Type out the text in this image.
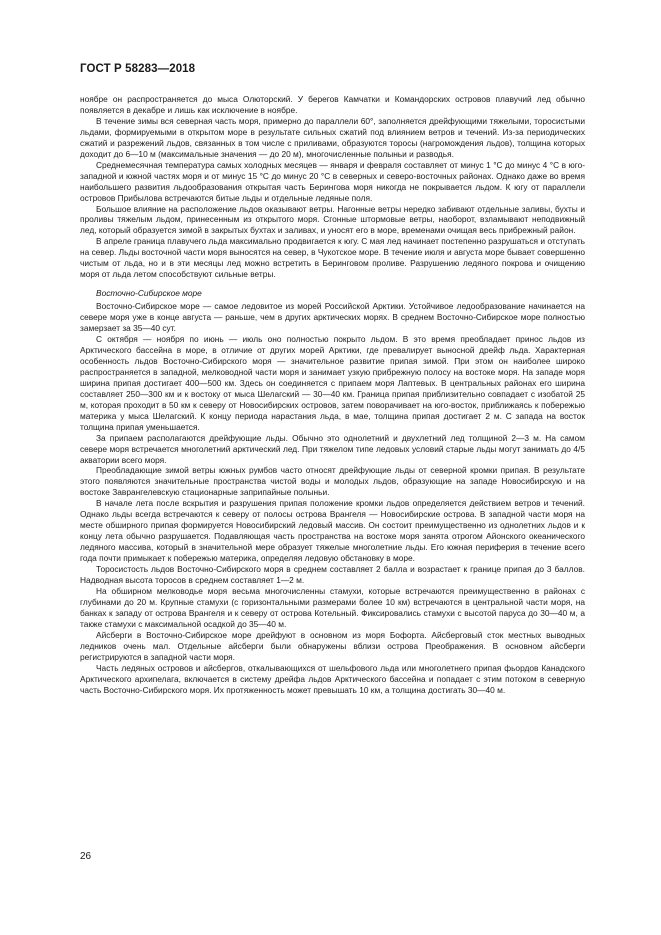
ГОСТ Р 58283—2018

ноябре он распространяется до мыса Олюторский. У берегов Камчатки и Командорских островов плавучий лед обычно появляется в декабре и лишь как исключение в ноябре.

В течение зимы вся северная часть моря, примерно до параллели 60°, заполняется дрейфующими тяжелыми, торосистыми льдами, формируемыми в открытом море в результате сильных сжатий под влиянием ветров и течений. Из-за периодических сжатий и разрежений льдов, связанных в том числе с приливами, образуются торосы (нагромождения льдов), толщина которых доходит до 6—10 м (максимальные значения — до 20 м), многочисленные полыньи и разводья.

Среднемесячная температура самых холодных месяцев — января и февраля составляет от минус 1 °С до минус 4 °С в юго-западной и южной частях моря и от минус 15 °С до минус 20 °С в северных и северо-восточных районах. Однако даже во время наибольшего развития льдообразования открытая часть Берингова моря никогда не покрывается льдом. К югу от параллели островов Прибылова встречаются битые льды и отдельные ледяные поля.

Большое влияние на расположение льдов оказывают ветры. Нагонные ветры нередко забивают отдельные заливы, бухты и проливы тяжелым льдом, принесенным из открытого моря. Сгонные штормовые ветры, наоборот, взламывают неподвижный лед, который образуется зимой в закрытых бухтах и заливах, и уносят его в море, временами очищая весь прибрежный район.

В апреле граница плавучего льда максимально продвигается к югу. С мая лед начинает постепенно разрушаться и отступать на север. Льды восточной части моря выносятся на север, в Чукотское море. В течение июля и августа море бывает совершенно чистым от льда, но и в эти месяцы лед можно встретить в Беринговом проливе. Разрушению ледяного покрова и очищению моря от льда летом способствуют сильные ветры.

Восточно-Сибирское море

Восточно-Сибирское море — самое ледовитое из морей Российской Арктики. Устойчивое ледообразование начинается на севере моря уже в конце августа — раньше, чем в других арктических морях. В среднем Восточно-Сибирское море полностью замерзает за 35—40 сут.

С октября — ноября по июнь — июль оно полностью покрыто льдом. В это время преобладает принос льдов из Арктического бассейна в море, в отличие от других морей Арктики, где превалирует выносной дрейф льда. Характерная особенность льдов Восточно-Сибирского моря — значительное развитие припая зимой. При этом он наиболее широко распространяется в западной, мелководной части моря и занимает узкую прибрежную полосу на востоке моря. На западе моря ширина припая достигает 400—500 км. Здесь он соединяется с припаем моря Лаптевых. В центральных районах его ширина составляет 250—300 км и к востоку от мыса Шелагский — 30—40 км. Граница припая приблизительно совпадает с изобатой 25 м, которая проходит в 50 км к северу от Новосибирских островов, затем поворачивает на юго-восток, приближаясь к побережью материка у мыса Шелагский. К концу периода нарастания льда, в мае, толщина припая достигает 2 м. С запада на восток толщина припая уменьшается.

За припаем располагаются дрейфующие льды. Обычно это однолетний и двухлетний лед толщиной 2—3 м. На самом севере моря встречается многолетний арктический лед. При тяжелом типе ледовых условий старые льды могут занимать до 4/5 акватории всего моря.

Преобладающие зимой ветры южных румбов часто относят дрейфующие льды от северной кромки припая. В результате этого появляются значительные пространства чистой воды и молодых льдов, образующие на западе Новосибирскую и на востоке Заврангелевскую стационарные заприпайные полыньи.

В начале лета после вскрытия и разрушения припая положение кромки льдов определяется действием ветров и течений. Однако льды всегда встречаются к северу от полосы острова Врангеля — Новосибирские острова. В западной части моря на месте обширного припая формируется Новосибирский ледовый массив. Он состоит преимущественно из однолетних льдов и к концу лета обычно разрушается. Подавляющая часть пространства на востоке моря занята отрогом Айонского океанического ледяного массива, который в значительной мере образует тяжелые многолетние льды. Его южная периферия в течение всего года почти примыкает к побережью материка, определяя ледовую обстановку в море.

Торосистость льдов Восточно-Сибирского моря в среднем составляет 2 балла и возрастает к границе припая до 3 баллов. Надводная высота торосов в среднем составляет 1—2 м.

На обширном мелководье моря весьма многочисленны стамухи, которые встречаются преимущественно в районах с глубинами до 20 м. Крупные стамухи (с горизонтальными размерами более 10 км) встречаются в центральной части моря, на банках к западу от острова Врангеля и к северу от острова Котельный. Фиксировались стамухи с высотой паруса до 30—40 м, а также стамухи с максимальной осадкой до 35—40 м.

Айсберги в Восточно-Сибирское море дрейфуют в основном из моря Бофорта. Айсберговый сток местных выводных ледников очень мал. Отдельные айсберги были обнаружены вблизи острова Преображения. В основном айсберги регистрируются в западной части моря.

Часть ледяных островов и айсбергов, откалывающихся от шельфового льда или многолетнего припая фьордов Канадского Арктического архипелага, включается в систему дрейфа льдов Арктического бассейна и попадает с этим потоком в северную часть Восточно-Сибирского моря. Их протяженность может превышать 10 км, а толщина достигать 30—40 м.

26
